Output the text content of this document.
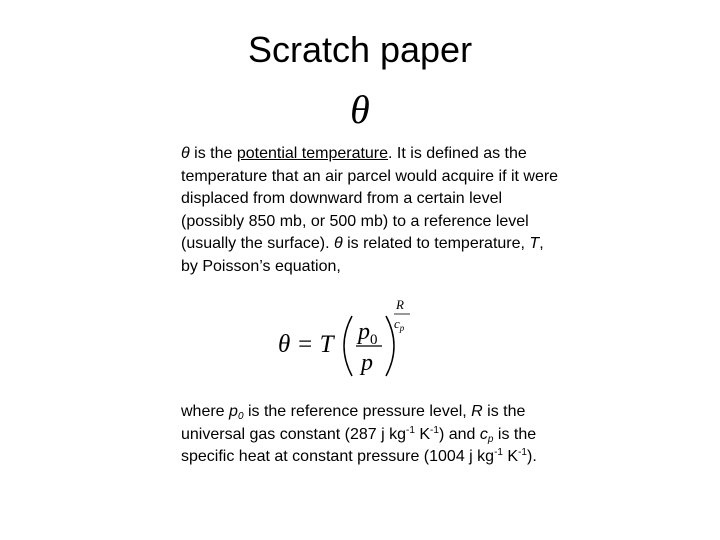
Scratch paper
θ

θ is the potential temperature. It is defined as the temperature that an air parcel would acquire if it were displaced from downward from a certain level (possibly 850 mb, or 500 mb) to a reference level (usually the surface). θ is related to temperature, T, by Poisson’s equation,

θ = T $p_0$
p
R
$c_p$

where $p_0$ is the reference pressure level, R is the universal gas constant (287 j $kg^{-1}$ $K^{-1}$) and $c_p$ is the specific heat at constant pressure (1004 j $kg^{-1}$ $K^{-1}$).
